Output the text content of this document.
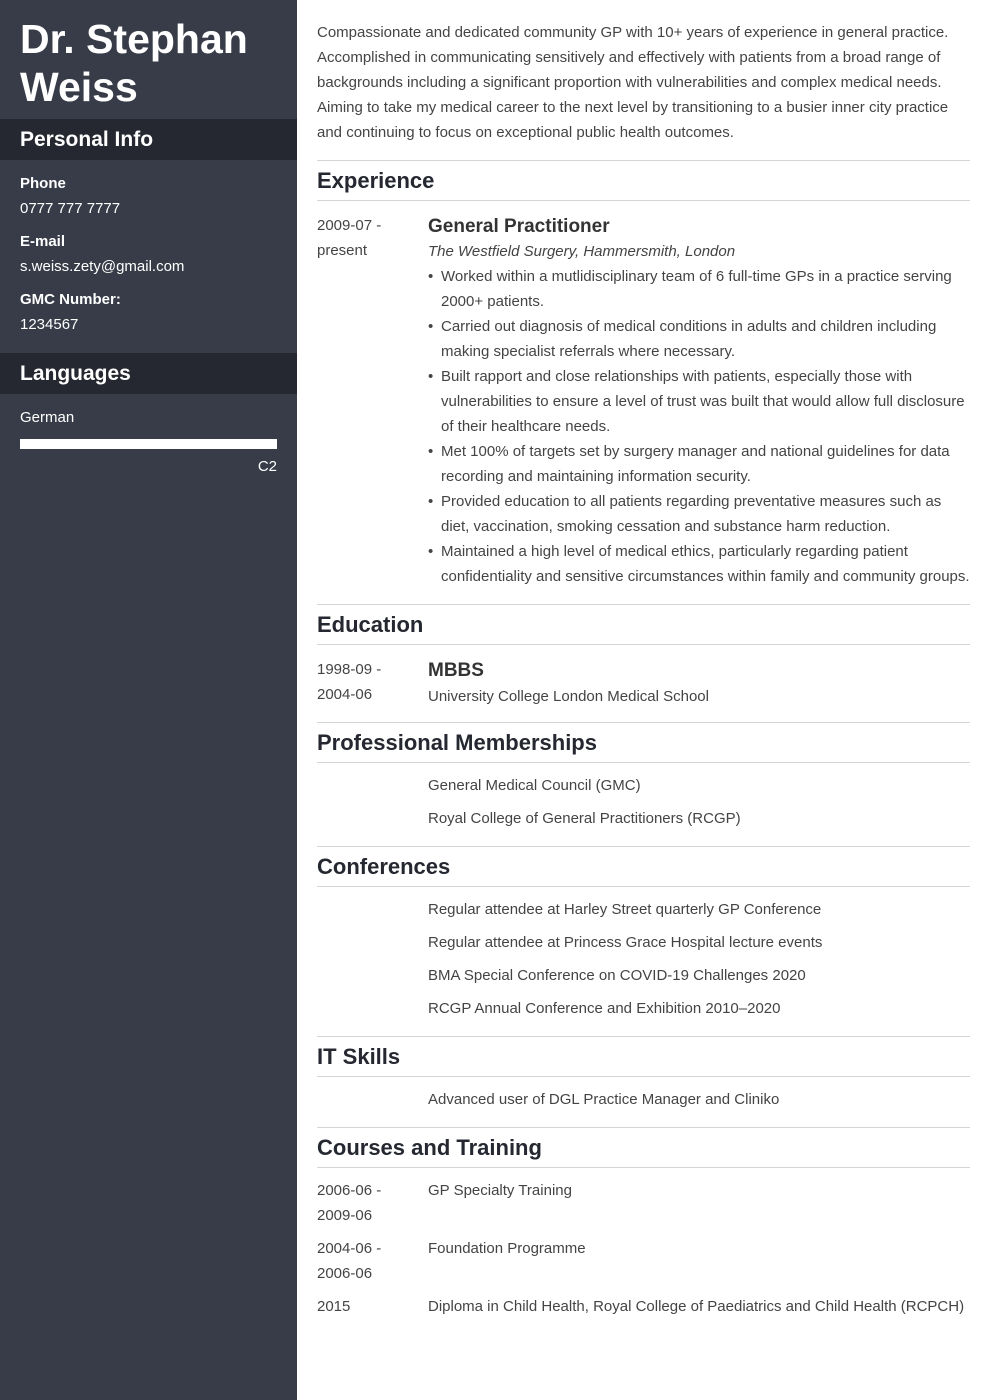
Dr. Stephan Weiss
Personal Info
Phone
0777 777 7777
E-mail
s.weiss.zety@gmail.com
GMC Number:
1234567
Languages
German
C2

Compassionate and dedicated community GP with 10+ years of experience in general practice. Accomplished in communicating sensitively and effectively with patients from a broad range of backgrounds including a significant proportion with vulnerabilities and complex medical needs. Aiming to take my medical career to the next level by transitioning to a busier inner city practice and continuing to focus on exceptional public health outcomes.

Experience
2009-07 -
present
General Practitioner
The Westfield Surgery, Hammersmith, London
• Worked within a mutlidisciplinary team of 6 full-time GPs in a practice serving 2000+ patients.
• Carried out diagnosis of medical conditions in adults and children including making specialist referrals where necessary.
• Built rapport and close relationships with patients, especially those with vulnerabilities to ensure a level of trust was built that would allow full disclosure of their healthcare needs.
• Met 100% of targets set by surgery manager and national guidelines for data recording and maintaining information security.
• Provided education to all patients regarding preventative measures such as diet, vaccination, smoking cessation and substance harm reduction.
• Maintained a high level of medical ethics, particularly regarding patient confidentiality and sensitive circumstances within family and community groups.
Education
1998-09 -
2004-06
MBBS
University College London Medical School
Professional Memberships
General Medical Council (GMC)
Royal College of General Practitioners (RCGP)
Conferences
Regular attendee at Harley Street quarterly GP Conference
Regular attendee at Princess Grace Hospital lecture events
BMA Special Conference on COVID-19 Challenges 2020
RCGP Annual Conference and Exhibition 2010–2020
IT Skills
Advanced user of DGL Practice Manager and Cliniko
Courses and Training
2006-06 -
2009-06
GP Specialty Training
2004-06 -
2006-06
Foundation Programme
2015	Diploma in Child Health, Royal College of Paediatrics and Child Health (RCPCH)
